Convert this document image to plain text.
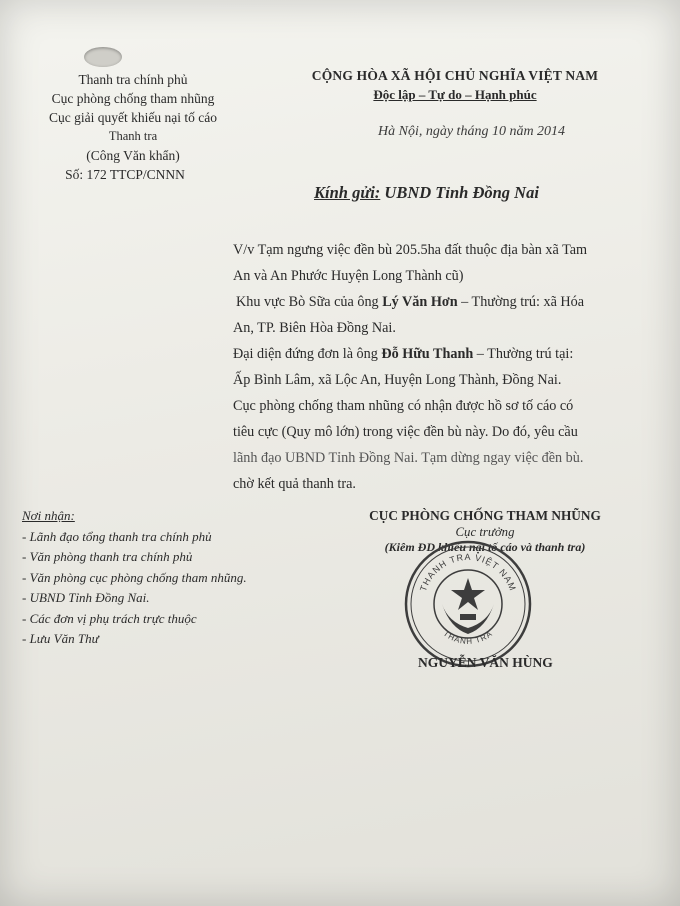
Thanh tra chính phủ
Cục phòng chống tham nhũng
Cục giải quyết khiếu nại tố cáo
Thanh tra
(Công Văn khẩn)
Số: 172 TTCP/CNNN
CỘNG HÒA XÃ HỘI CHỦ NGHĨA VIỆT NAM
Độc lập – Tự do – Hạnh phúc
Hà Nội, ngày tháng 10 năm 2014
Kính gửi: UBND Tỉnh Đồng Nai

V/v Tạm ngưng việc đền bù 205.5ha đất thuộc địa bàn xã Tam

An và An Phước Huyện Long Thành cũ)

Khu vực Bò Sữa của ông Lý Văn Hơn – Thường trú: xã Hóa

An, TP. Biên Hòa Đồng Nai.

Đại diện đứng đơn là ông Đỗ Hữu Thanh – Thường trú tại:

Ấp Bình Lâm, xã Lộc An, Huyện Long Thành, Đồng Nai.

Cục phòng chống tham nhũng có nhận được hồ sơ tố cáo có

tiêu cực (Quy mô lớn) trong việc đền bù này. Do đó, yêu cầu

lãnh đạo UBND Tỉnh Đồng Nai. Tạm dừng ngay việc đền bù.

chờ kết quả thanh tra.

Nơi nhận:
- Lãnh đạo tổng thanh tra chính phủ
- Văn phòng thanh tra chính phủ
- Văn phòng cục phòng chống tham nhũng.
- UBND Tỉnh Đồng Nai.
- Các đơn vị phụ trách trực thuộc
- Lưu Văn Thư
CỤC PHÒNG CHỐNG THAM NHŨNG
Cục trưởng
(Kiêm ĐD khiếu nại tố cáo và thanh tra)
THANH TRA VIỆT NAM
THANH TRA
NGUYỄN VĂN HÙNG
